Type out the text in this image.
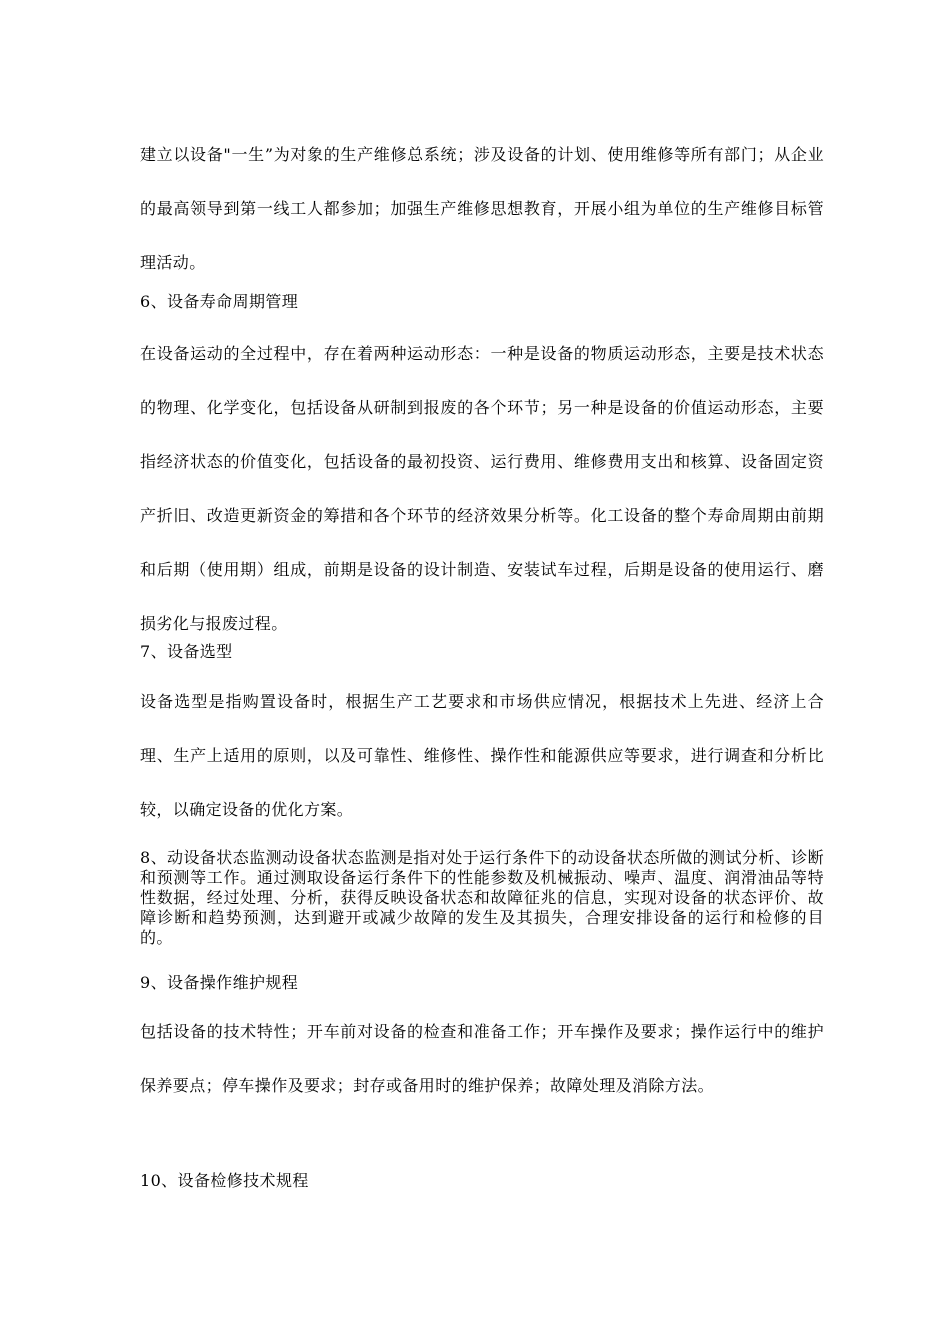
建立以设备"一生”为对象的生产维修总系统；涉及设备的计划、使用维修等所有部门；从企业的最高领导到第一线工人都参加；加强生产维修思想教育，开展小组为单位的生产维修目标管理活动。

6、设备寿命周期管理

在设备运动的全过程中，存在着两种运动形态：一种是设备的物质运动形态，主要是技术状态的物理、化学变化，包括设备从研制到报废的各个环节；另一种是设备的价值运动形态，主要指经济状态的价值变化，包括设备的最初投资、运行费用、维修费用支出和核算、设备固定资产折旧、改造更新资金的筹措和各个环节的经济效果分析等。化工设备的整个寿命周期由前期和后期（使用期）组成，前期是设备的设计制造、安装试车过程，后期是设备的使用运行、磨损劣化与报废过程。

7、设备选型

设备选型是指购置设备时，根据生产工艺要求和市场供应情况，根据技术上先进、经济上合理、生产上适用的原则，以及可靠性、维修性、操作性和能源供应等要求，进行调查和分析比较，以确定设备的优化方案。

8、动设备状态监测动设备状态监测是指对处于运行条件下的动设备状态所做的测试分析、诊断和预测等工作。通过测取设备运行条件下的性能参数及机械振动、噪声、温度、润滑油品等特性数据，经过处理、分析，获得反映设备状态和故障征兆的信息，实现对设备的状态评价、故障诊断和趋势预测，达到避开或减少故障的发生及其损失，合理安排设备的运行和检修的目的。

9、设备操作维护规程

包括设备的技术特性；开车前对设备的检查和准备工作；开车操作及要求；操作运行中的维护保养要点；停车操作及要求；封存或备用时的维护保养；故障处理及消除方法。

10、设备检修技术规程
